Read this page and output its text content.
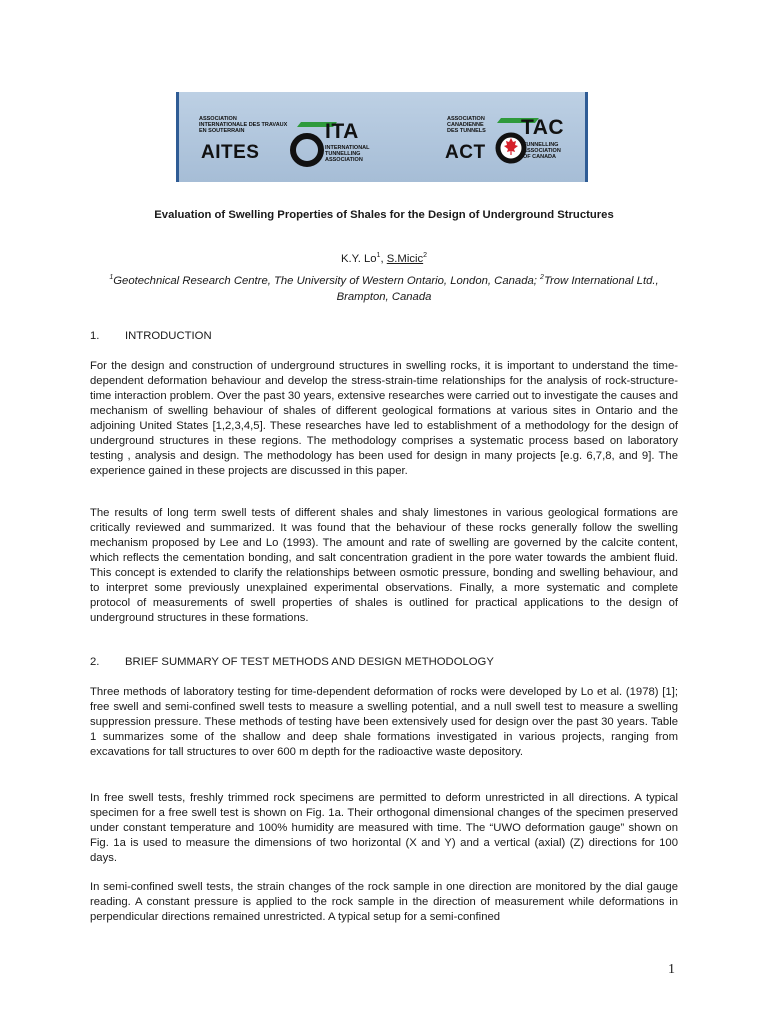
ASSOCIATION
INTERNATIONALE DES TRAVAUX
EN SOUTERRAIN
AITES
ITA
INTERNATIONAL
TUNNELLING
ASSOCIATION
ASSOCIATION
CANADIENNE
DES TUNNELS
ACT
TAC
TUNNELLING
ASSOCIATION
OF CANADA
Evaluation of Swelling Properties of Shales for the Design of Underground Structures
K.Y. Lo$^1$, S.Micic$^2$
$^1$Geotechnical Research Centre, The University of Western Ontario, London, Canada; $^2$Trow International Ltd., Brampton, Canada
1. INTRODUCTION
For the design and construction of underground structures in swelling rocks, it is important to understand the time-dependent deformation behaviour and develop the stress-strain-time relationships for the analysis of rock-structure-time interaction problem. Over the past 30 years, extensive researches were carried out to investigate the causes and mechanism of swelling behaviour of shales of different geological formations at various sites in Ontario and the adjoining United States [1,2,3,4,5]. These researches have led to establishment of a methodology for the design of underground structures in these regions. The methodology comprises a systematic process based on laboratory testing , analysis and design. The methodology has been used for design in many projects [e.g. 6,7,8, and 9]. The experience gained in these projects are discussed in this paper.
The results of long term swell tests of different shales and shaly limestones in various geological formations are critically reviewed and summarized. It was found that the behaviour of these rocks generally follow the swelling mechanism proposed by Lee and Lo (1993). The amount and rate of swelling are governed by the calcite content, which reflects the cementation bonding, and salt concentration gradient in the pore water towards the ambient fluid. This concept is extended to clarify the relationships between osmotic pressure, bonding and swelling behaviour, and to interpret some previously unexplained experimental observations. Finally, a more systematic and complete protocol of measurements of swell properties of shales is outlined for practical applications to the design of underground structures in these formations.
2. BRIEF SUMMARY OF TEST METHODS AND DESIGN METHODOLOGY
Three methods of laboratory testing for time-dependent deformation of rocks were developed by Lo et al. (1978) [1]; free swell and semi-confined swell tests to measure a swelling potential, and a null swell test to measure a swelling suppression pressure. These methods of testing have been extensively used for design over the past 30 years. Table 1 summarizes some of the shallow and deep shale formations investigated in various projects, ranging from excavations for tall structures to over 600 m depth for the radioactive waste depository.
In free swell tests, freshly trimmed rock specimens are permitted to deform unrestricted in all directions. A typical specimen for a free swell test is shown on Fig. 1a. Their orthogonal dimensional changes of the specimen preserved under constant temperature and 100% humidity are measured with time. The “UWO deformation gauge” shown on Fig. 1a is used to measure the dimensions of two horizontal (X and Y) and a vertical (axial) (Z) directions for 100 days.
In semi-confined swell tests, the strain changes of the rock sample in one direction are monitored by the dial gauge reading. A constant pressure is applied to the rock sample in the direction of measurement while deformations in perpendicular directions remained unrestricted. A typical setup for a semi-confined
1
